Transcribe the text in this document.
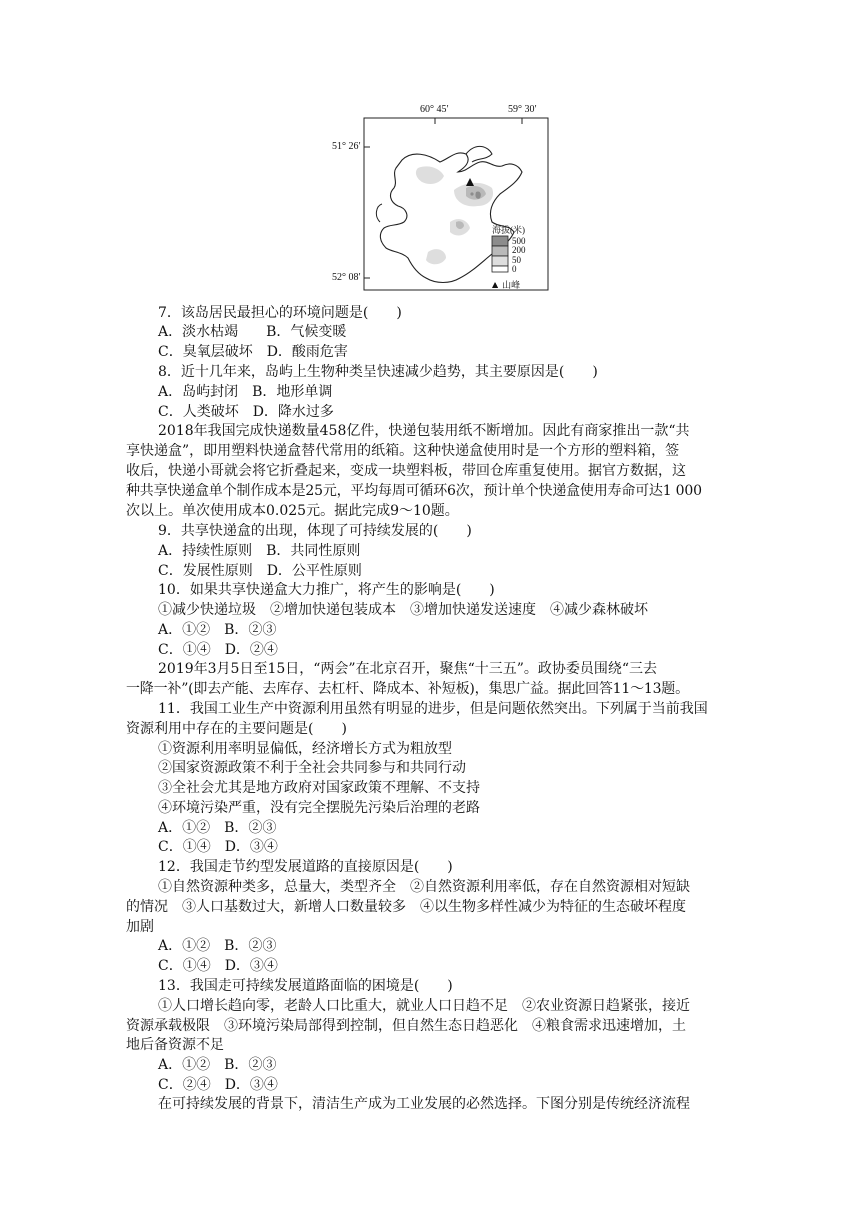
60° 45′	59° 30′
51° 26′
52° 08′
海拔(米)
500
200
50
0
▲ 山峰
7．该岛居民最担心的环境问题是(　　)
A．淡水枯竭　　B．气候变暖
C．臭氧层破坏　D．酸雨危害
8．近十几年来，岛屿上生物种类呈快速减少趋势，其主要原因是(　　)
A．岛屿封闭　B．地形单调
C．人类破坏　D．降水过多
2018年我国完成快递数量458亿件，快递包装用纸不断增加。因此有商家推出一款“共
享快递盒”，即用塑料快递盒替代常用的纸箱。这种快递盒使用时是一个方形的塑料箱，签
收后，快递小哥就会将它折叠起来，变成一块塑料板，带回仓库重复使用。据官方数据，这
种共享快递盒单个制作成本是25元，平均每周可循环6次，预计单个快递盒使用寿命可达1 000
次以上。单次使用成本0.025元。据此完成9～10题。
9．共享快递盒的出现，体现了可持续发展的(　　)
A．持续性原则　B．共同性原则
C．发展性原则　D．公平性原则
10．如果共享快递盒大力推广，将产生的影响是(　　)
①减少快递垃圾　②增加快递包装成本　③增加快递发送速度　④减少森林破坏
A．①②　B．②③
C．①④　D．②④
2019年3月5日至15日，“两会”在北京召开，聚焦“十三五”。政协委员围绕“三去
一降一补”(即去产能、去库存、去杠杆、降成本、补短板)，集思广益。据此回答11～13题。
11．我国工业生产中资源利用虽然有明显的进步，但是问题依然突出。下列属于当前我国
资源利用中存在的主要问题是(　　)
①资源利用率明显偏低，经济增长方式为粗放型
②国家资源政策不利于全社会共同参与和共同行动
③全社会尤其是地方政府对国家政策不理解、不支持
④环境污染严重，没有完全摆脱先污染后治理的老路
A．①②　B．②③
C．①④　D．③④
12．我国走节约型发展道路的直接原因是(　　)
①自然资源种类多，总量大，类型齐全　②自然资源利用率低，存在自然资源相对短缺
的情况　③人口基数过大，新增人口数量较多　④以生物多样性减少为特征的生态破坏程度
加剧
A．①②　B．②③
C．①④　D．③④
13．我国走可持续发展道路面临的困境是(　　)
①人口增长趋向零，老龄人口比重大，就业人口日趋不足　②农业资源日趋紧张，接近
资源承载极限　③环境污染局部得到控制，但自然生态日趋恶化　④粮食需求迅速增加，土
地后备资源不足
A．①②　B．②③
C．②④　D．③④
在可持续发展的背景下，清洁生产成为工业发展的必然选择。下图分别是传统经济流程
